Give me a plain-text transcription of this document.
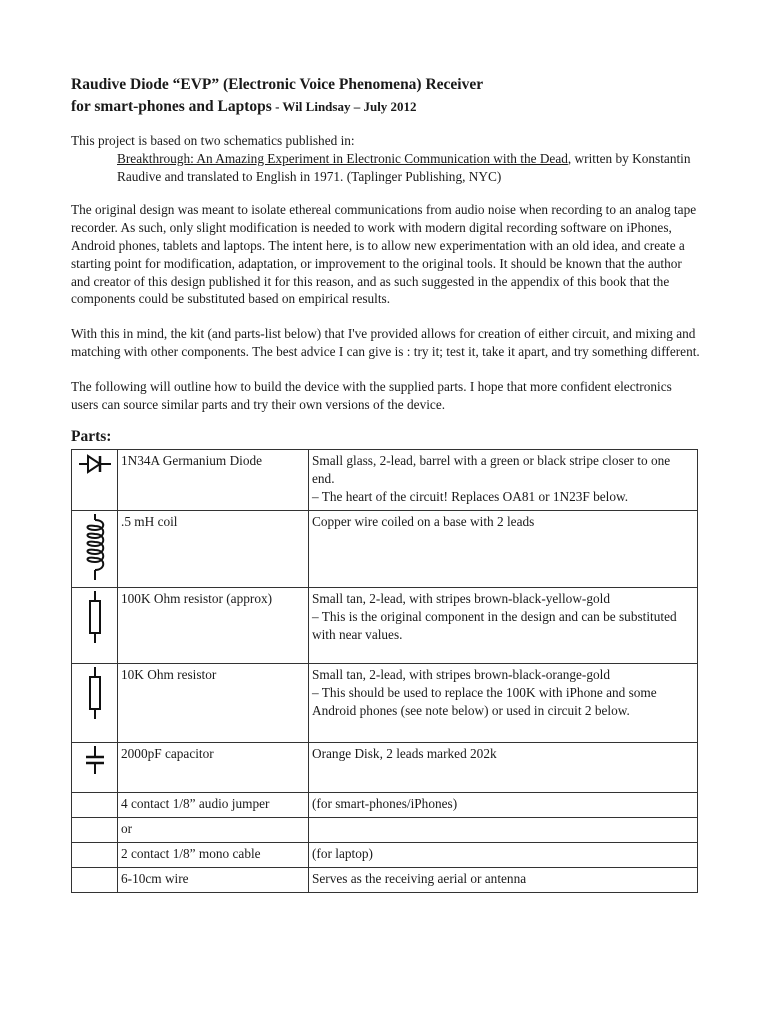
Raudive Diode “EVP” (Electronic Voice Phenomena) Receiver
for smart-phones and Laptops - Wil Lindsay – July 2012

This project is based on two schematics published in:

Breakthrough: An Amazing Experiment in Electronic Communication with the Dead, written by Konstantin Raudive and translated to English in 1971. (Taplinger Publishing, NYC)

The original design was meant to isolate ethereal communications from audio noise when recording to an analog tape recorder. As such, only slight modification is needed to work with modern digital recording software on iPhones, Android phones, tablets and laptops. The intent here, is to allow new experimentation with an old idea, and create a starting point for modification, adaptation, or improvement to the original tools. It should be known that the author and creator of this design published it for this reason, and as such suggested in the appendix of this book that the components could be substituted based on empirical results.

With this in mind, the kit (and parts-list below) that I've provided allows for creation of either circuit, and mixing and matching with other components. The best advice I can give is : try it; test it, take it apart, and try something different.

The following will outline how to build the device with the supplied parts. I hope that more confident electronics users can source similar parts and try their own versions of the device.

Parts:

	1N34A Germanium Diode	Small glass, 2-lead, barrel with a green or black stripe closer to one end.
– The heart of the circuit! Replaces OA81 or 1N23F below.

	.5 mH coil	Copper wire coiled on a base with 2 leads

	100K Ohm resistor (approx)	Small tan, 2-lead, with stripes brown-black-yellow-gold
– This is the original component in the design and can be substituted with near values.

	10K Ohm resistor	Small tan, 2-lead, with stripes brown-black-orange-gold
– This should be used to replace the 100K with iPhone and some Android phones (see note below) or used in circuit 2 below.

	2000pF capacitor	Orange Disk, 2 leads marked 202k
	4 contact 1/8” audio jumper	(for smart-phones/iPhones)
	or	
	2 contact 1/8” mono cable	(for laptop)
	6-10cm wire	Serves as the receiving aerial or antenna
